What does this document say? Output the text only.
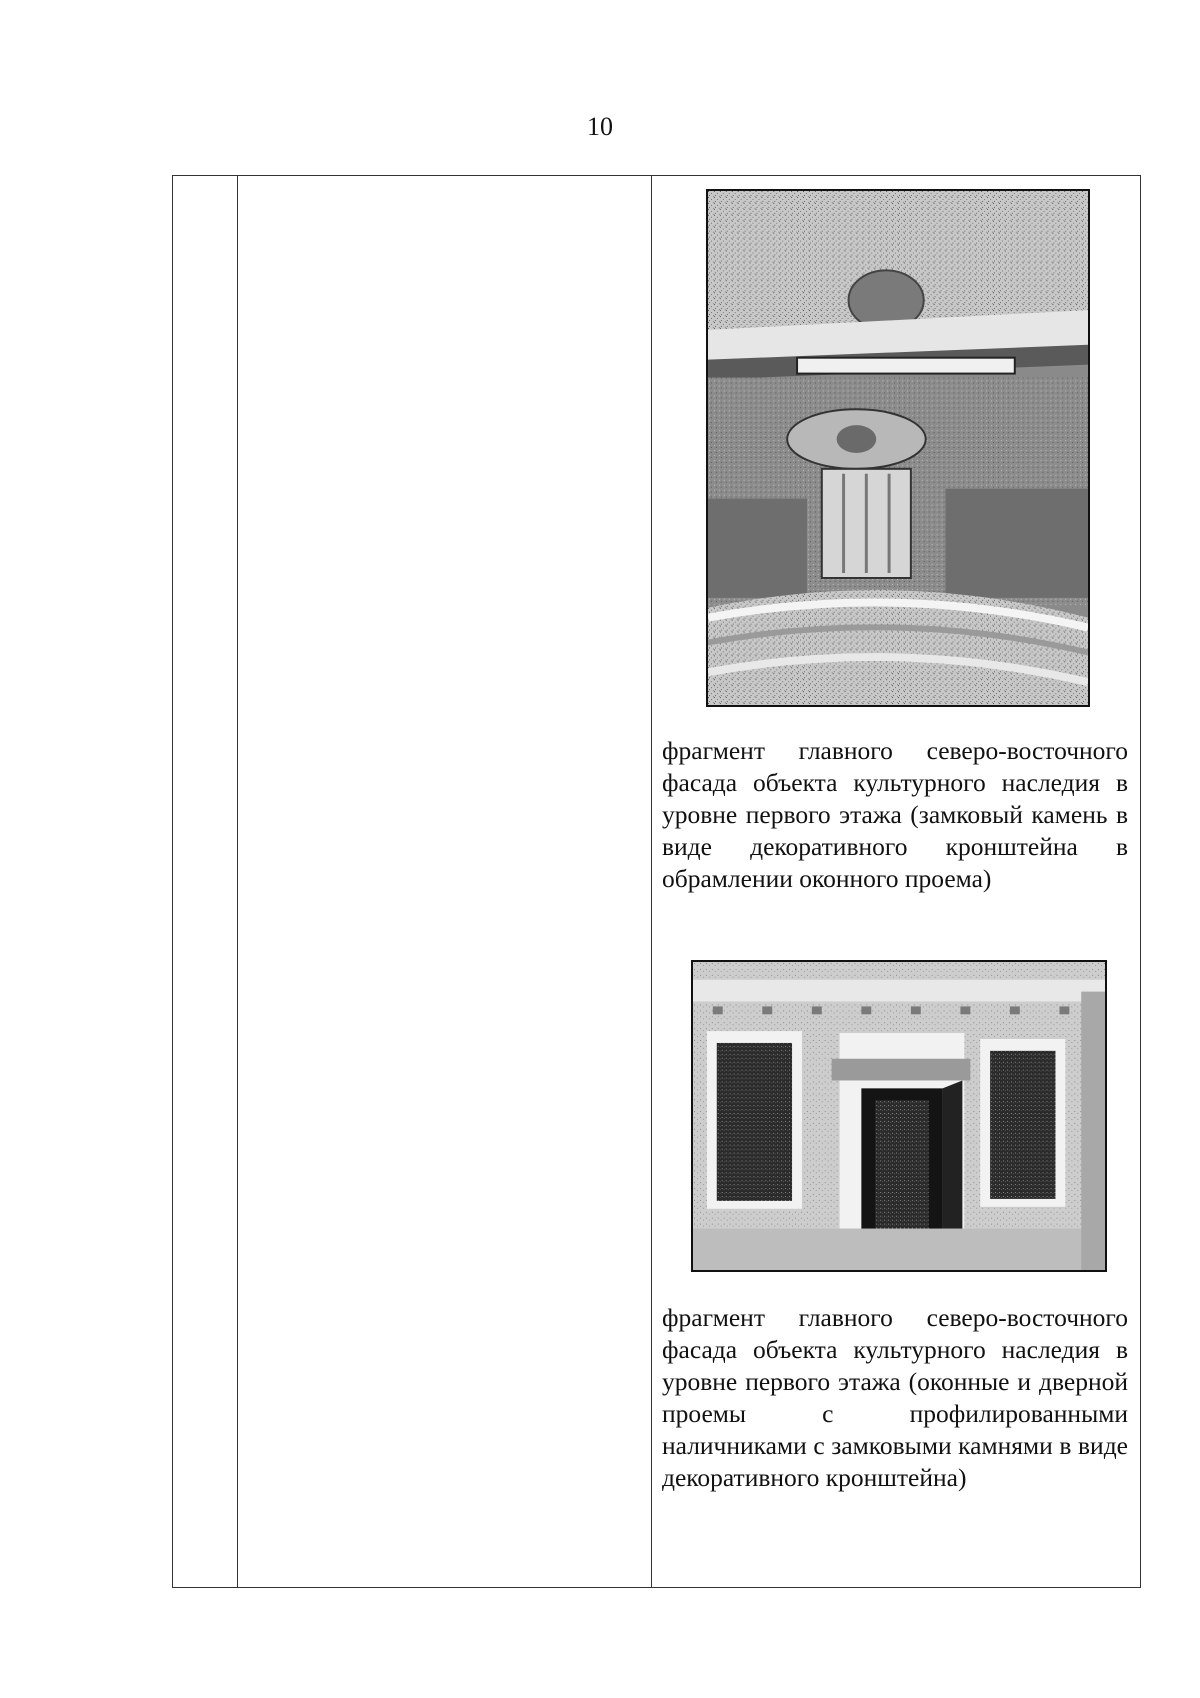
10
фрагмент главного северо-восточного фасада объекта культурного наследия в уровне первого этажа (замковый камень в виде декоративного кронштейна в обрамлении оконного проема)
фрагмент главного северо-восточного фасада объекта культурного наследия в уровне первого этажа (оконные и дверной проемы с профилированными наличниками с замковыми камнями в виде декоративного кронштейна)
